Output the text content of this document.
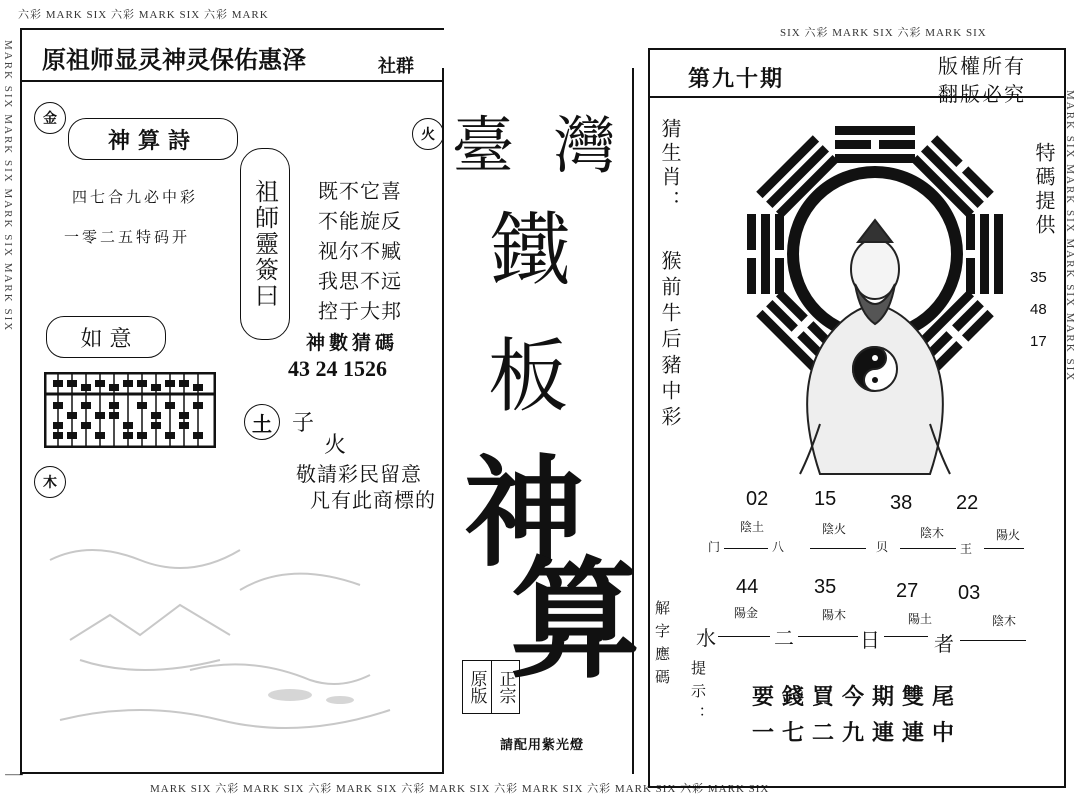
六彩 MARK SIX 六彩 MARK SIX 六彩 MARK
SIX 六彩 MARK SIX 六彩 MARK SIX
MARK SIX 六彩 MARK SIX 六彩 MARK SIX 六彩 MARK SIX 六彩 MARK SIX 六彩 MARK SIX 六彩 MARK SIX
MARK SIX MARK SIX MARK SIX MARK SIX	MARK SIX MARK SIX MARK SIX MARK SIX
原祖师显灵神灵保佑惠泽	社群
金
火
神算詩
四七合九必中彩
一零二五特码开	祖師靈簽曰 既不它喜
不能旋反
视尔不臧
我思不远
控于大邦
神數猜碼
43 24 1526
如 意
土 子
火
敬請彩民留意
凡有此商標的
木
一
臺 灣
鐵
板
神
算
原版 正宗
請配用紫光燈
第九十期	版權所有
翻版必究
猜生肖：
猴前牛后豬中彩
特碼提供
35
48
17
02 15	38 22
陰土	陰火	陰木	陽火
门	八	贝	王
44	35	27 03
陽金	陽木	陽土	陰木
水	二	日	者
解字應碼
提示： 要錢買今期雙尾
一七二九連連中
